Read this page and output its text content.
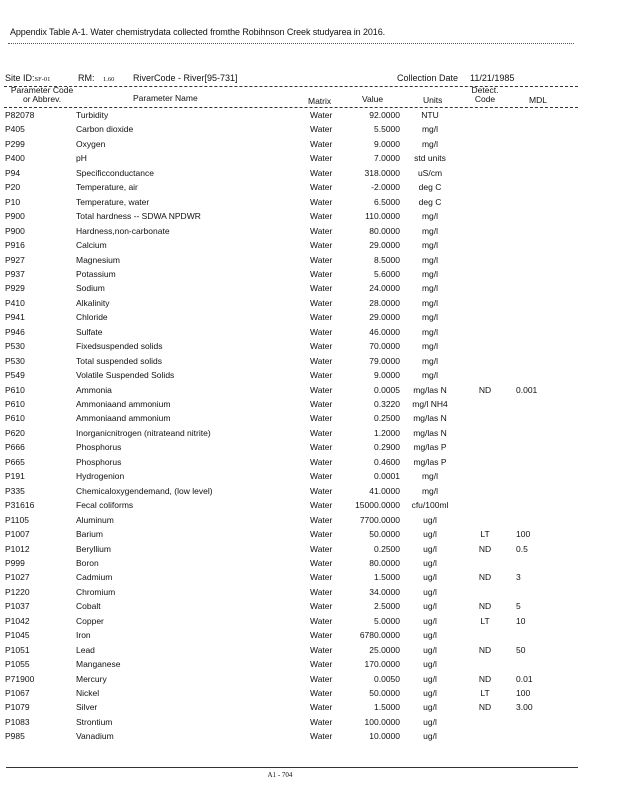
Appendix Table A-1. Water chemistrydata collected fromthe Robihnson Creek studyarea in 2016.
Site ID:SF-01	RM: 1.60 RiverCode - River[95-731]	Collection Date 11/21/1985
Parameter Code
or Abbrev.	Parameter Name	Matrix	Value	Units
Detect.
Code	MDL
P82078	Turbidity	Water	92.0000	NTU
P405	Carbon dioxide	Water	5.5000	mg/l
P299	Oxygen	Water	9.0000	mg/l
P400	pH	Water	7.0000	std units
P94	Specificconductance	Water	318.0000	uS/cm
P20	Temperature, air	Water	-2.0000	deg C
P10	Temperature, water	Water	6.5000	deg C
P900	Total hardness -- SDWA NPDWR	Water	110.0000	mg/l
P900	Hardness,non-carbonate	Water	80.0000	mg/l
P916	Calcium	Water	29.0000	mg/l
P927	Magnesium	Water	8.5000	mg/l
P937	Potassium	Water	5.6000	mg/l
P929	Sodium	Water	24.0000	mg/l
P410	Alkalinity	Water	28.0000	mg/l
P941	Chloride	Water	29.0000	mg/l
P946	Sulfate	Water	46.0000	mg/l
P530	Fixedsuspended solids	Water	70.0000	mg/l
P530	Total suspended solids	Water	79.0000	mg/l
P549	Volatile Suspended Solids	Water	9.0000	mg/l
P610	Ammonia	Water	0.0005	mg/las N	ND	0.001
P610	Ammoniaand ammonium	Water	0.3220	mg/l NH4
P610	Ammoniaand ammonium	Water	0.2500	mg/las N
P620	Inorganicnitrogen (nitrateand nitrite)	Water	1.2000	mg/las N
P666	Phosphorus	Water	0.2900	mg/las P
P665	Phosphorus	Water	0.4600	mg/las P
P191	Hydrogenion	Water	0.0001	mg/l
P335	Chemicaloxygendemand, (low level)	Water	41.0000	mg/l
P31616	Fecal coliforms	Water	15000.0000	cfu/100ml
P1105	Aluminum	Water	7700.0000	ug/l
P1007	Barium	Water	50.0000	ug/l	LT	100
P1012	Beryllium	Water	0.2500	ug/l	ND	0.5
P999	Boron	Water	80.0000	ug/l
P1027	Cadmium	Water	1.5000	ug/l	ND	3
P1220	Chromium	Water	34.0000	ug/l
P1037	Cobalt	Water	2.5000	ug/l	ND	5
P1042	Copper	Water	5.0000	ug/l	LT	10
P1045	Iron	Water	6780.0000	ug/l
P1051	Lead	Water	25.0000	ug/l	ND	50
P1055	Manganese	Water	170.0000	ug/l
P71900	Mercury	Water	0.0050	ug/l	ND	0.01
P1067	Nickel	Water	50.0000	ug/l	LT	100
P1079	Silver	Water	1.5000	ug/l	ND	3.00
P1083	Strontium	Water	100.0000	ug/l
P985	Vanadium	Water	10.0000	ug/l
A1 - 704
